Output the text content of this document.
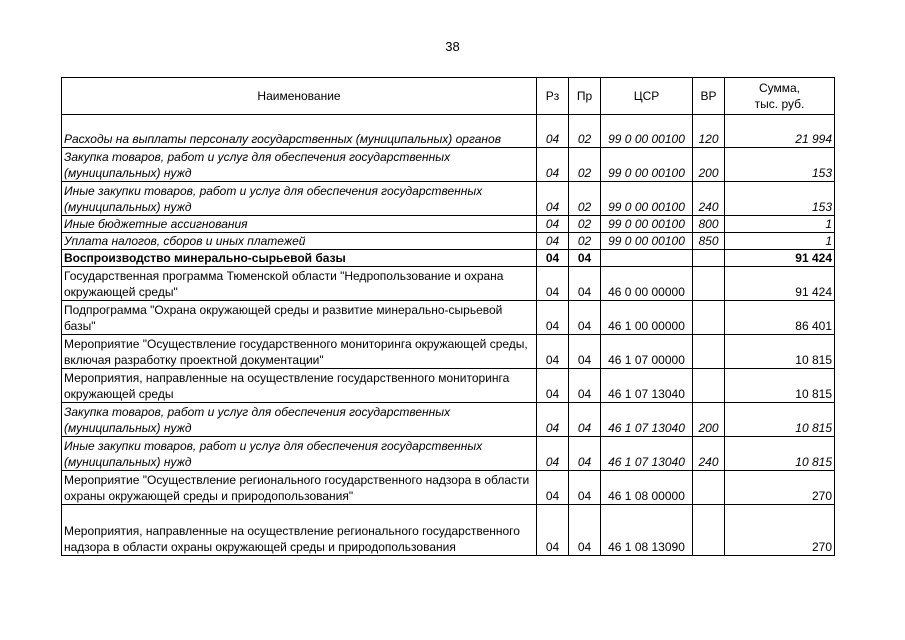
38
Наименование	Рз	Пр	ЦСР	ВР	Сумма,
тыс. руб.
Расходы на выплаты персоналу государственных (муниципальных) органов	04	02	99 0 00 00100	120	21 994
Закупка товаров, работ и услуг для обеспечения государственных (муниципальных) нужд	04	02	99 0 00 00100	200	153
Иные закупки товаров, работ и услуг для обеспечения государственных (муниципальных) нужд	04	02	99 0 00 00100	240	153
Иные бюджетные ассигнования	04	02	99 0 00 00100	800	1
Уплата налогов, сборов и иных платежей	04	02	99 0 00 00100	850	1
Воспроизводство минерально-сырьевой базы	04	04			91 424
Государственная программа Тюменской области "Недропользование и охрана окружающей среды"	04	04	46 0 00 00000		91 424
Подпрограмма "Охрана окружающей среды и развитие минерально-сырьевой базы"	04	04	46 1 00 00000		86 401
Мероприятие "Осуществление государственного мониторинга окружающей среды, включая разработку проектной документации"	04	04	46 1 07 00000		10 815
Мероприятия, направленные на осуществление государственного мониторинга окружающей среды	04	04	46 1 07 13040		10 815
Закупка товаров, работ и услуг для обеспечения государственных (муниципальных) нужд	04	04	46 1 07 13040	200	10 815
Иные закупки товаров, работ и услуг для обеспечения государственных (муниципальных) нужд	04	04	46 1 07 13040	240	10 815
Мероприятие "Осуществление регионального государственного надзора в области охраны окружающей среды и природопользования"	04	04	46 1 08 00000		270
Мероприятия, направленные на осуществление регионального государственного надзора в области охраны окружающей среды и природопользования	04	04	46 1 08 13090		270
